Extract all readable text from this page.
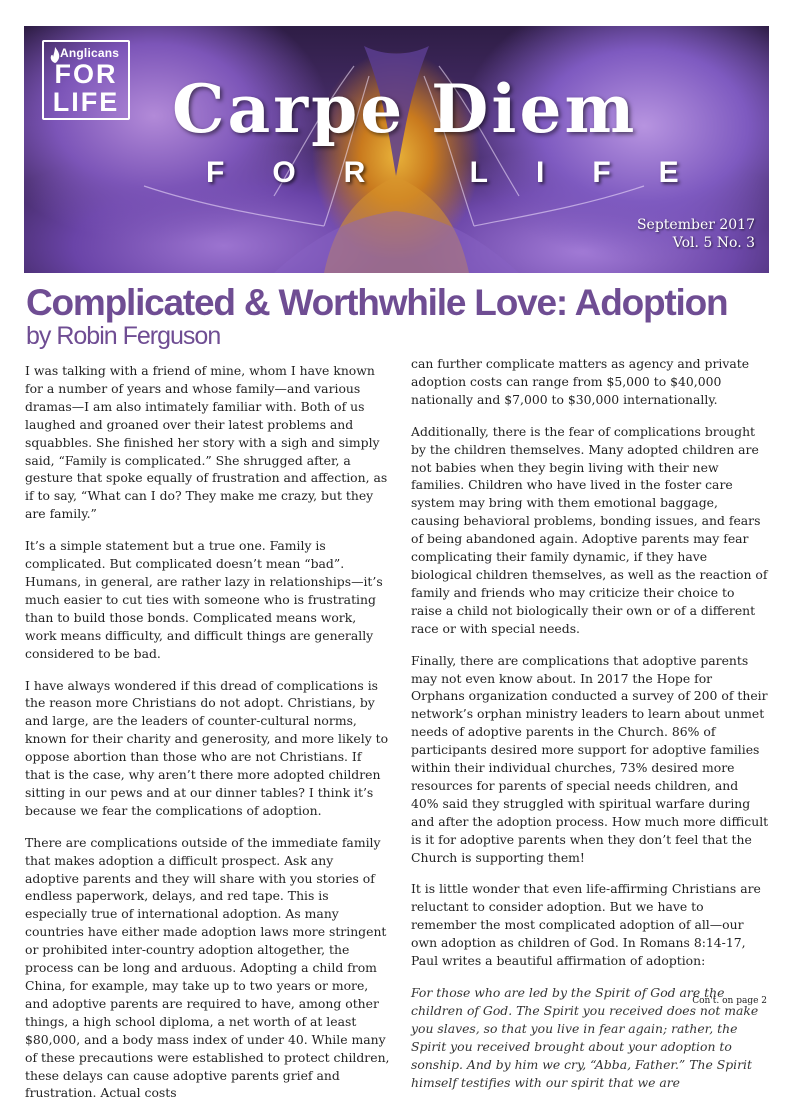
Anglicans
FOR
LIFE Carpe Diem
FOR LIFE
September 2017
Vol. 5 No. 3
Complicated & Worthwhile Love: Adoption
by Robin Ferguson

I was talking with a friend of mine, whom I have known for a number of years and whose family—and various dramas—I am also intimately familiar with. Both of us laughed and groaned over their latest problems and squabbles. She finished her story with a sigh and simply said, “Family is complicated.” She shrugged after, a gesture that spoke equally of frustration and affection, as if to say, “What can I do? They make me crazy, but they are family.”

It’s a simple statement but a true one. Family is complicated. But complicated doesn’t mean “bad”. Humans, in general, are rather lazy in relationships—it’s much easier to cut ties with someone who is frustrating than to build those bonds. Complicated means work, work means difficulty, and difficult things are generally considered to be bad.

I have always wondered if this dread of complications is the reason more Christians do not adopt. Christians, by and large, are the leaders of counter-cultural norms, known for their charity and generosity, and more likely to oppose abortion than those who are not Christians. If that is the case, why aren’t there more adopted children sitting in our pews and at our dinner tables? I think it’s because we fear the complications of adoption.

There are complications outside of the immediate family that makes adoption a difficult prospect. Ask any adoptive parents and they will share with you stories of endless paperwork, delays, and red tape. This is especially true of international adoption. As many countries have either made adoption laws more stringent or prohibited inter-country adoption altogether, the process can be long and arduous. Adopting a child from China, for example, may take up to two years or more, and adoptive parents are required to have, among other things, a high school diploma, a net worth of at least $80,000, and a body mass index of under 40. While many of these precautions were established to protect children, these delays can cause adoptive parents grief and frustration. Actual costs

can further complicate matters as agency and private adoption costs can range from $5,000 to $40,000 nationally and $7,000 to $30,000 internationally.

Additionally, there is the fear of complications brought by the children themselves. Many adopted children are not babies when they begin living with their new families. Children who have lived in the foster care system may bring with them emotional baggage, causing behavioral problems, bonding issues, and fears of being abandoned again. Adoptive parents may fear complicating their family dynamic, if they have biological children themselves, as well as the reaction of family and friends who may criticize their choice to raise a child not biologically their own or of a different race or with special needs.

Finally, there are complications that adoptive parents may not even know about. In 2017 the Hope for Orphans organization conducted a survey of 200 of their network’s orphan ministry leaders to learn about unmet needs of adoptive parents in the Church. 86% of participants desired more support for adoptive families within their individual churches, 73% desired more resources for parents of special needs children, and 40% said they struggled with spiritual warfare during and after the adoption process. How much more difficult is it for adoptive parents when they don’t feel that the Church is supporting them!

It is little wonder that even life-affirming Christians are reluctant to consider adoption. But we have to remember the most complicated adoption of all—our own adoption as children of God. In Romans 8:14-17, Paul writes a beautiful affirmation of adoption:

For those who are led by the Spirit of God are the children of God. The Spirit you received does not make you slaves, so that you live in fear again; rather, the Spirit you received brought about your adoption to sonship. And by him we cry, “Abba, Father.” The Spirit himself testifies with our spirit that we are

Con't. on page 2
